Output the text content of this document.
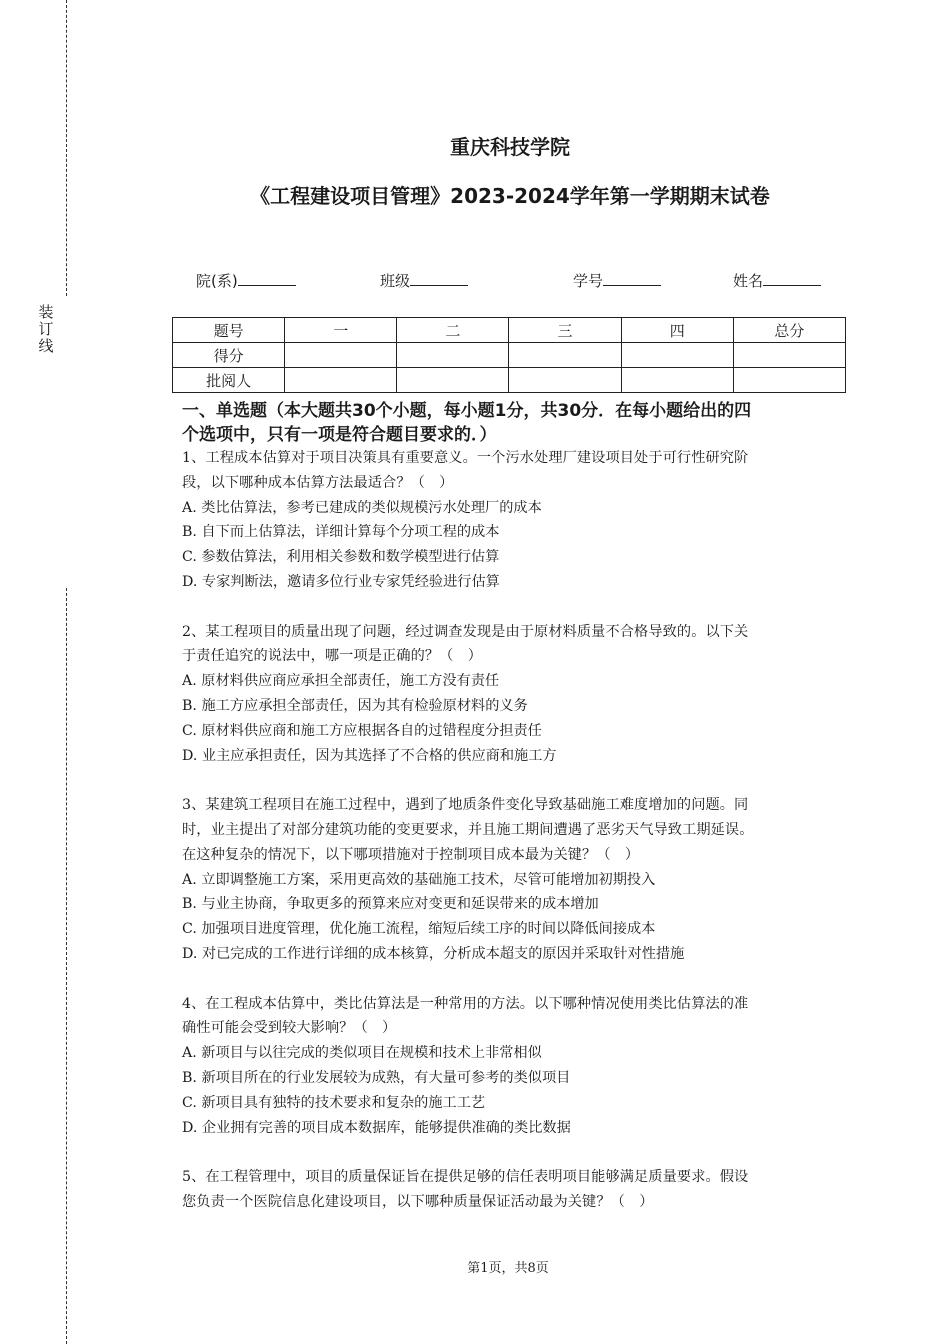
装
订
线
重庆科技学院
《工程建设项目管理》2023-2024学年第一学期期末试卷
院(系)	班级	学号	姓名
题号	一	二	三	四	总分
得分					
批阅人					
一、单选题（本大题共30个小题，每小题1分，共30分．在每小题给出的四
个选项中，只有一项是符合题目要求的．）

1、工程成本估算对于项目决策具有重要意义。一个污水处理厂建设项目处于可行性研究阶

段，以下哪种成本估算方法最适合？（　）

A. 类比估算法，参考已建成的类似规模污水处理厂的成本

B. 自下而上估算法，详细计算每个分项工程的成本

C. 参数估算法，利用相关参数和数学模型进行估算

D. 专家判断法，邀请多位行业专家凭经验进行估算

2、某工程项目的质量出现了问题，经过调查发现是由于原材料质量不合格导致的。以下关

于责任追究的说法中，哪一项是正确的？（　）

A. 原材料供应商应承担全部责任，施工方没有责任

B. 施工方应承担全部责任，因为其有检验原材料的义务

C. 原材料供应商和施工方应根据各自的过错程度分担责任

D. 业主应承担责任，因为其选择了不合格的供应商和施工方

3、某建筑工程项目在施工过程中，遇到了地质条件变化导致基础施工难度增加的问题。同

时，业主提出了对部分建筑功能的变更要求，并且施工期间遭遇了恶劣天气导致工期延误。

在这种复杂的情况下，以下哪项措施对于控制项目成本最为关键？（　）

A. 立即调整施工方案，采用更高效的基础施工技术，尽管可能增加初期投入

B. 与业主协商，争取更多的预算来应对变更和延误带来的成本增加

C. 加强项目进度管理，优化施工流程，缩短后续工序的时间以降低间接成本

D. 对已完成的工作进行详细的成本核算，分析成本超支的原因并采取针对性措施

4、在工程成本估算中，类比估算法是一种常用的方法。以下哪种情况使用类比估算法的准

确性可能会受到较大影响？（　）

A. 新项目与以往完成的类似项目在规模和技术上非常相似

B. 新项目所在的行业发展较为成熟，有大量可参考的类似项目

C. 新项目具有独特的技术要求和复杂的施工工艺

D. 企业拥有完善的项目成本数据库，能够提供准确的类比数据

5、在工程管理中，项目的质量保证旨在提供足够的信任表明项目能够满足质量要求。假设

您负责一个医院信息化建设项目，以下哪种质量保证活动最为关键？（　）

第1页，共8页
